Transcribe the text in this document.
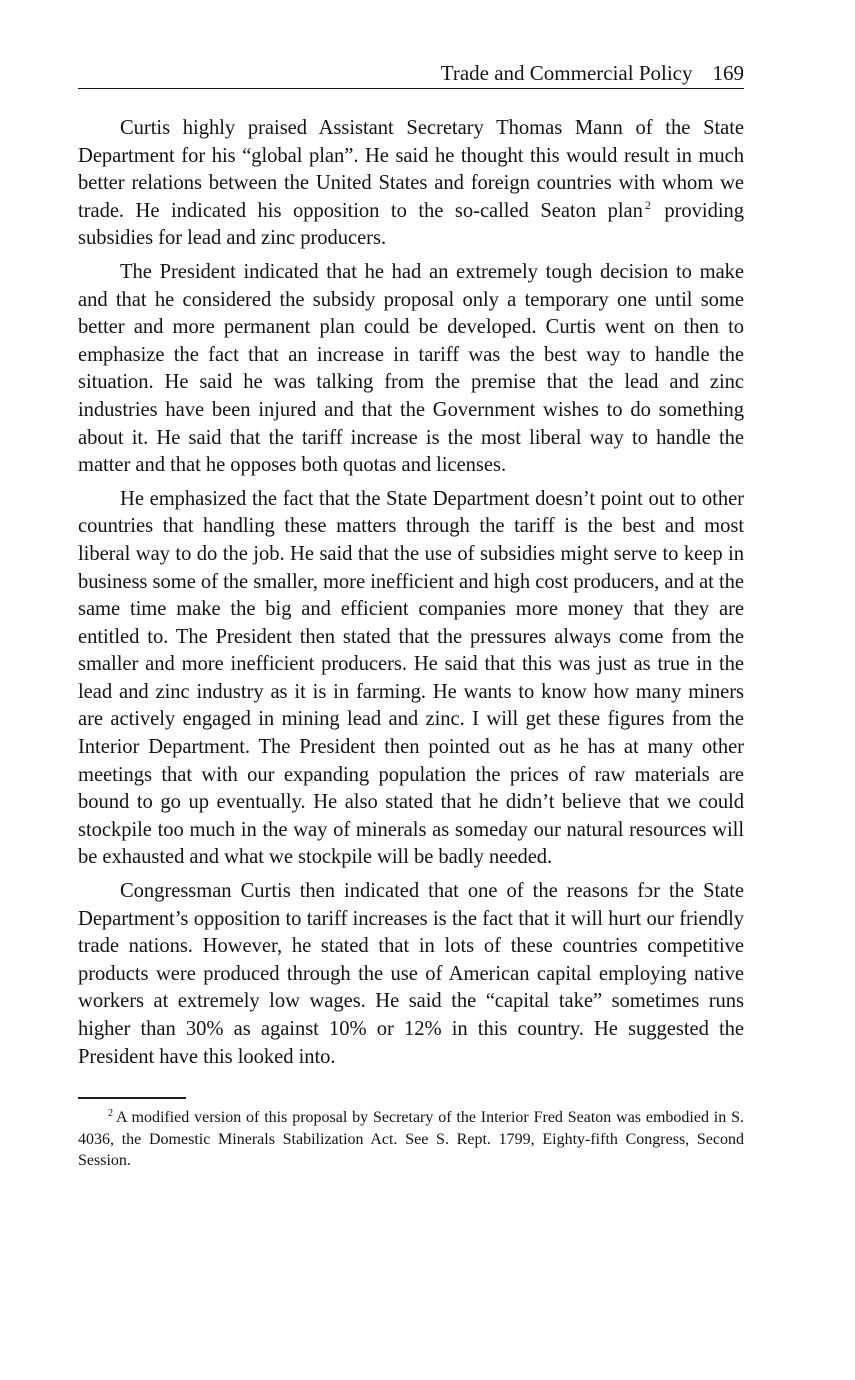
Trade and Commercial Policy 169

Curtis highly praised Assistant Secretary Thomas Mann of the State Department for his “global plan”. He said he thought this would result in much better relations between the United States and foreign countries with whom we trade. He indicated his opposition to the so-called Seaton plan $^2$ providing subsidies for lead and zinc producers.

The President indicated that he had an extremely tough decision to make and that he considered the subsidy proposal only a temporary one until some better and more permanent plan could be developed. Curtis went on then to emphasize the fact that an increase in tariff was the best way to handle the situation. He said he was talking from the premise that the lead and zinc industries have been injured and that the Government wishes to do something about it. He said that the tariff increase is the most liberal way to handle the matter and that he opposes both quotas and licenses.

He emphasized the fact that the State Department doesn’t point out to other countries that handling these matters through the tariff is the best and most liberal way to do the job. He said that the use of subsidies might serve to keep in business some of the smaller, more inefficient and high cost producers, and at the same time make the big and efficient companies more money that they are entitled to. The President then stated that the pressures always come from the smaller and more inefficient producers. He said that this was just as true in the lead and zinc industry as it is in farming. He wants to know how many miners are actively engaged in mining lead and zinc. I will get these figures from the Interior Department. The President then pointed out as he has at many other meetings that with our expanding population the prices of raw materials are bound to go up eventually. He also stated that he didn’t believe that we could stockpile too much in the way of minerals as someday our natural resources will be exhausted and what we stockpile will be badly needed.

Congressman Curtis then indicated that one of the reasons fɔr the State Department’s opposition to tariff increases is the fact that it will hurt our friendly trade nations. However, he stated that in lots of these countries competitive products were produced through the use of American capital employing native workers at extremely low wages. He said the “capital take” sometimes runs higher than 30% as against 10% or 12% in this country. He suggested the President have this looked into.

$^2$ A modified version of this proposal by Secretary of the Interior Fred Seaton was embodied in S. 4036, the Domestic Minerals Stabilization Act. See S. Rept. 1799, Eighty-fifth Congress, Second Session.
